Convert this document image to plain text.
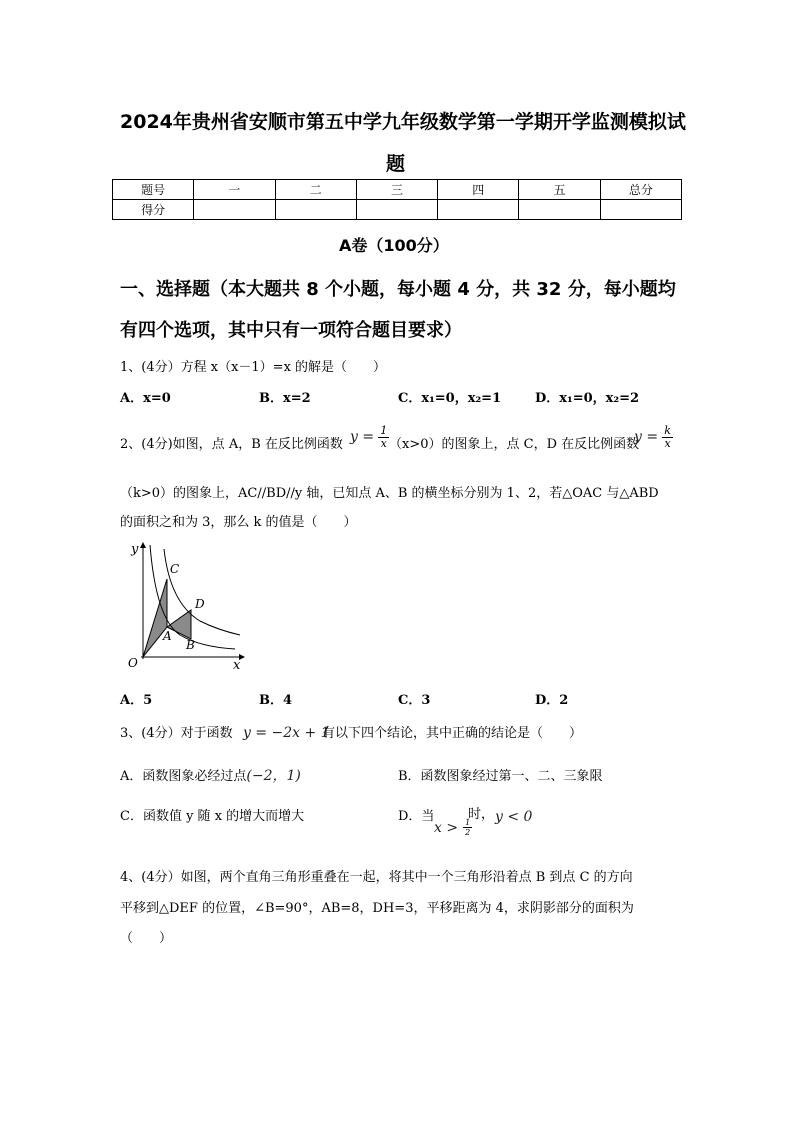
2024年贵州省安顺市第五中学九年级数学第一学期开学监测模拟试
题
题号	一	二	三	四	五	总分
得分						
A卷（100分）
一、选择题（本大题共 8 个小题，每小题 4 分，共 32 分，每小题均
有四个选项，其中只有一项符合题目要求）
1、(4分）方程 x（x－1）=x 的解是（　　）
A．x=0	B．x=2	C．x₁=0，x₂=1	D．x₁=0，x₂=2
2、(4分)如图，点 A，B 在反比例函数 $y = \frac{1}{x} (x>0)$的图象上，点 C，D 在反比例函数
$y = \frac{k}{x}$
（k>0）的图象上，AC//BD//y 轴，已知点 A、B 的横坐标分别为 1、2，若△OAC 与△ABD
的面积之和为 3，那么 k 的值是（　　）
y
x
O
A
B
C
D
A．5	B．4	C．3	D．2
3、(4分）对于函数 y = −2x + 1
有以下四个结论，其中正确的结论是（　　）
A．函数图象必经过点(−2，1)	B．函数图象经过第一、二、三象限
C．函数值 y 随 x 的增大而增大	D．当	时，
$x > \frac{1}{2}$
y < 0
4、(4分）如图，两个直角三角形重叠在一起，将其中一个三角形沿着点 B 到点 C 的方向
平移到△DEF 的位置，∠B=90°，AB=8，DH=3，平移距离为 4，求阴影部分的面积为
（　　）
